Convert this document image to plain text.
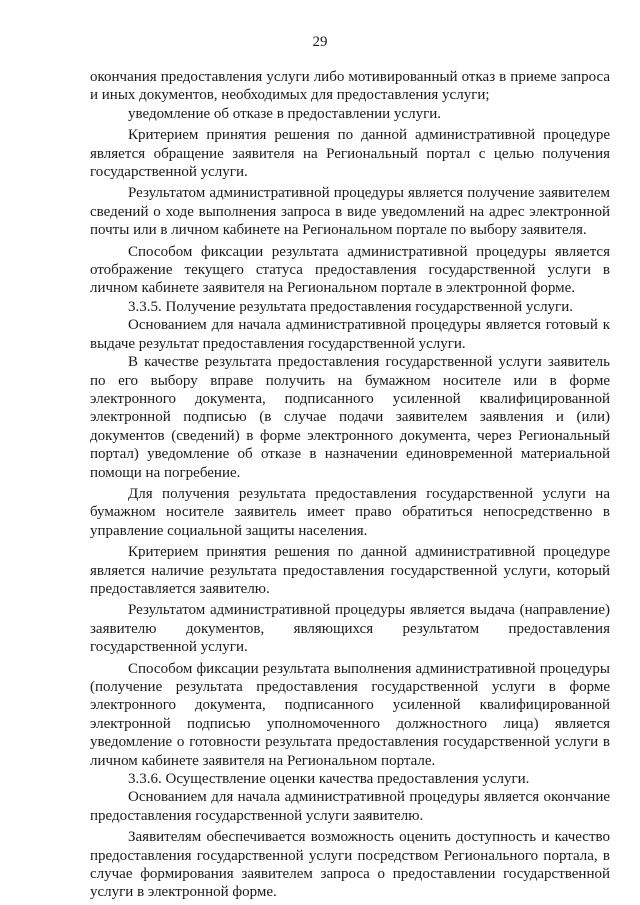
29

окончания предоставления услуги либо мотивированный отказ в приеме запроса и иных документов, необходимых для предоставления услуги;

уведомление об отказе в предоставлении услуги.

Критерием принятия решения по данной административной процедуре является обращение заявителя на Региональный портал с целью получения государственной услуги.

Результатом административной процедуры является получение заявителем сведений о ходе выполнения запроса в виде уведомлений на адрес электронной почты или в личном кабинете на Региональном портале по выбору заявителя.

Способом фиксации результата административной процедуры является отображение текущего статуса предоставления государственной услуги в личном кабинете заявителя на Региональном портале в электронной форме.

3.3.5. Получение результата предоставления государственной услуги.

Основанием для начала административной процедуры является готовый к выдаче результат предоставления государственной услуги.

В качестве результата предоставления государственной услуги заявитель по его выбору вправе получить на бумажном носителе или в форме электронного документа, подписанного усиленной квалифицированной электронной подписью (в случае подачи заявителем заявления и (или) документов (сведений) в форме электронного документа, через Региональный портал) уведомление об отказе в назначении единовременной материальной помощи на погребение.

Для получения результата предоставления государственной услуги на бумажном носителе заявитель имеет право обратиться непосредственно в управление социальной защиты населения.

Критерием принятия решения по данной административной процедуре является наличие результата предоставления государственной услуги, который предоставляется заявителю.

Результатом административной процедуры является выдача (направление) заявителю документов, являющихся результатом предоставления государственной услуги.

Способом фиксации результата выполнения административной процедуры (получение результата предоставления государственной услуги в форме электронного документа, подписанного усиленной квалифицированной электронной подписью уполномоченного должностного лица) является уведомление о готовности результата предоставления государственной услуги в личном кабинете заявителя на Региональном портале.

3.3.6. Осуществление оценки качества предоставления услуги.

Основанием для начала административной процедуры является окончание предоставления государственной услуги заявителю.

Заявителям обеспечивается возможность оценить доступность и качество предоставления государственной услуги посредством Регионального портала, в случае формирования заявителем запроса о предоставлении государственной услуги в электронной форме.
